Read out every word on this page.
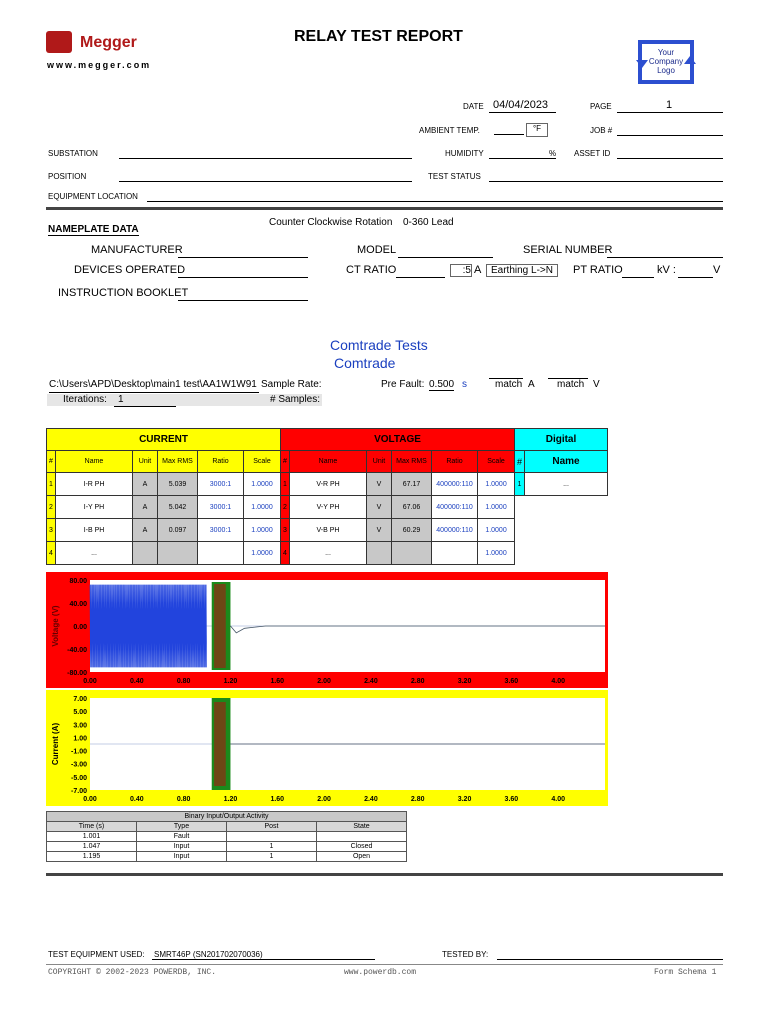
Megger
www.megger.com
RELAY TEST REPORT
Your Company Logo
DATE 04/04/2023	PAGE	1
AMBIENT TEMP.	°F	JOB #
SUBSTATION	HUMIDITY	% ASSET ID
POSITION	TEST STATUS
EQUIPMENT LOCATION
NAMEPLATE DATA
Counter Clockwise Rotation 0-360 Lead
MANUFACTURER	MODEL	SERIAL NUMBER
DEVICES OPERATED	CT RATIO	:5 A Earthing L->N	PT RATIO	kV :	V
INSTRUCTION BOOKLET
Comtrade Tests
Comtrade
C:\Users\APD\Desktop\main1 test\AA1W1W91 Sample Rate:	Pre Fault: 0.500 s	match A match V
Iterations: 1	# Samples:
CURRENT					
#	Name	Unit	Max RMS	Ratio	Scale
1	I-R PH	A	5.039	3000:1	1.0000
2	I-Y PH	A	5.042	3000:1	1.0000
3	I-B PH	A	0.097	3000:1	1.0000
4	...				1.0000
VOLTAGE					
#	Name	Unit	Max RMS	Ratio	Scale
1	V-R PH	V	67.17	400000:110	1.0000
2	V-Y PH	V	67.06	400000:110	1.0000
3	V-B PH	V	60.29	400000:110	1.0000
4	...				1.0000
Digital	
#	Name
1	...
80.00
40.00
0.00
-40.00
-80.00
0.00	0.40	0.80	1.20	1.60	2.00	2.40	2.80	3.20	3.60	4.00
Voltage (V)
7.00
5.00
3.00
1.00
-1.00
-3.00
-5.00
-7.00
0.00	0.40	0.80	1.20	1.60	2.00	2.40	2.80	3.20	3.60	4.00
Current (A)
Binary Input/Output Activity			
Time (s)	Type	Post	State
1.001	Fault		
1.047	Input	1	Closed
1.195	Input	1	Open
TEST EQUIPMENT USED: SMRT46P (SN201702070036)	TESTED BY:
COPYRIGHT © 2002-2023 POWERDB, INC.	www.powerdb.com	Form Schema 1
